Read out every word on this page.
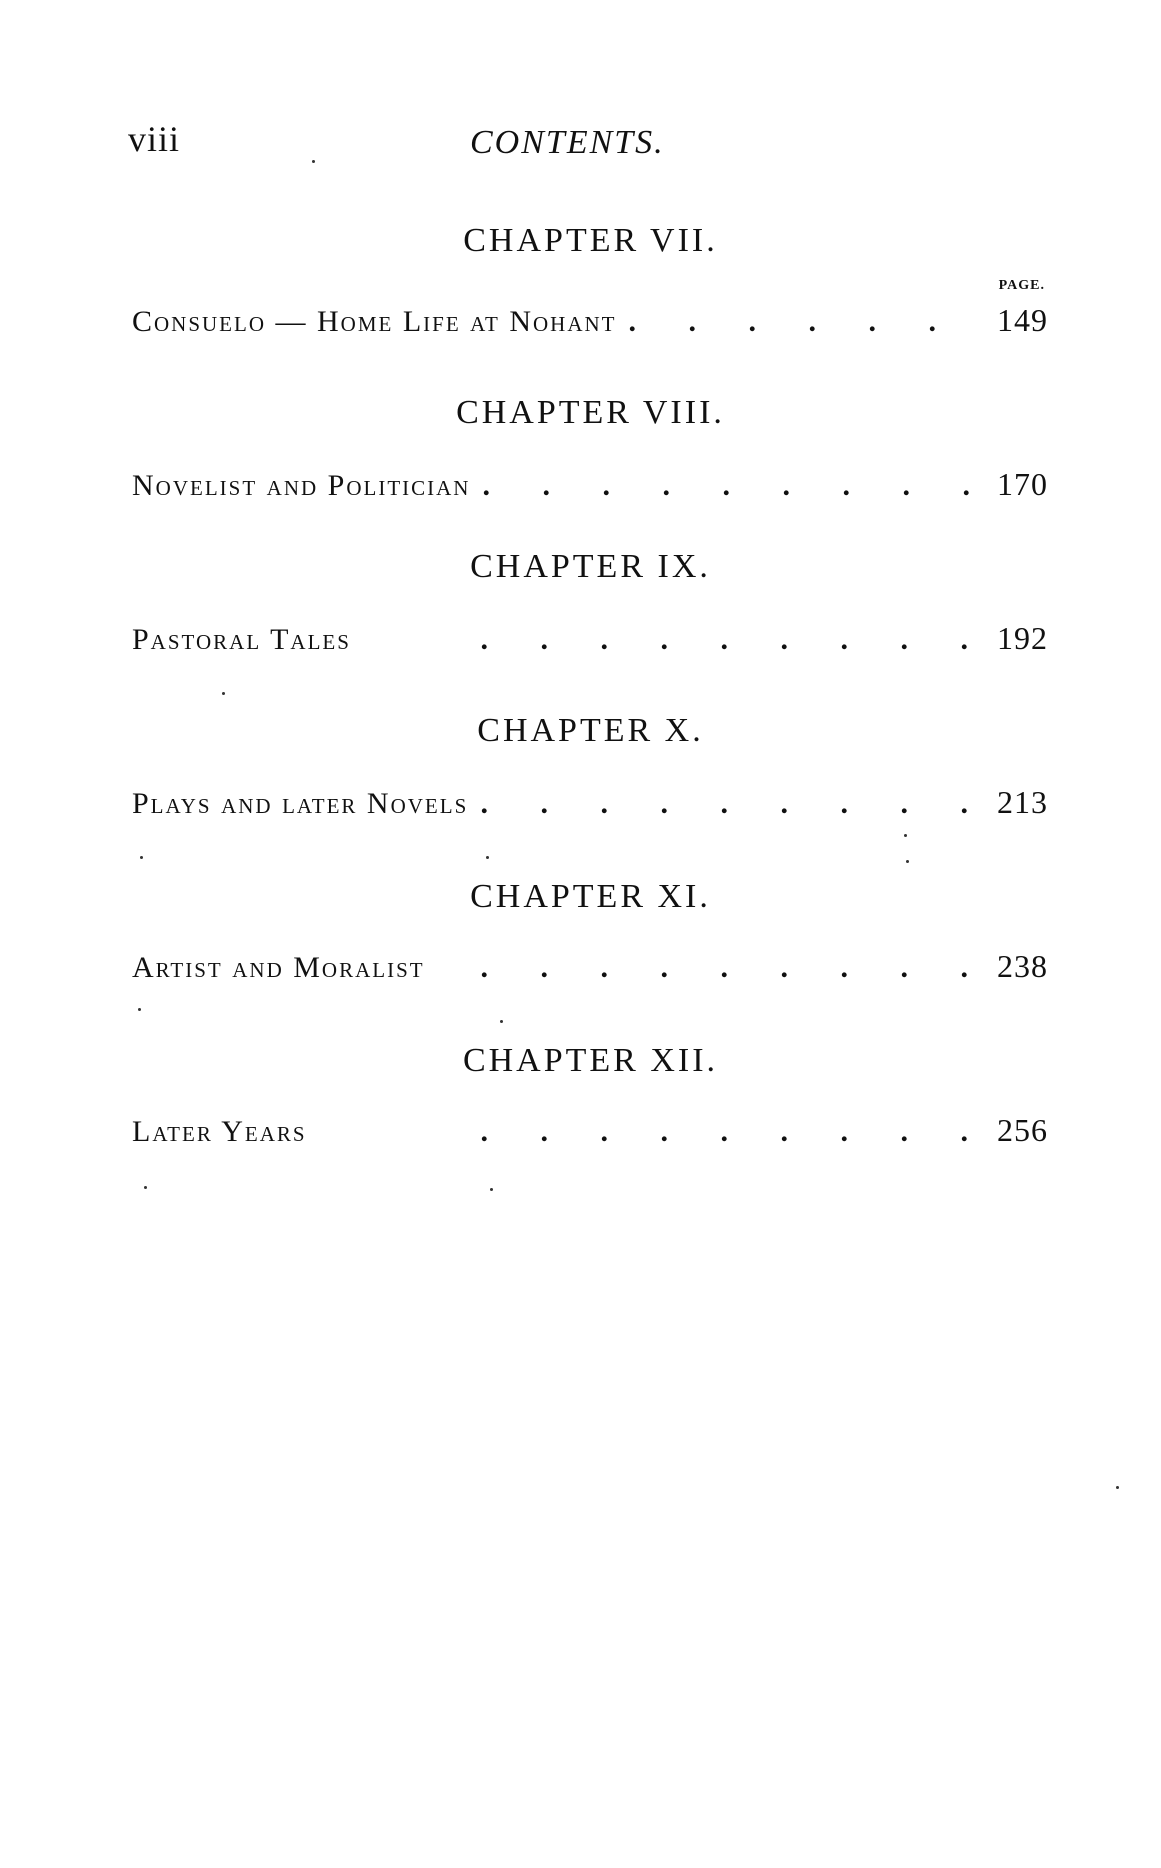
viii	CONTENTS.
CHAPTER VII.
PAGE.
Consuelo — Home Life at Nohant .	149
CHAPTER VIII.
Novelist and Politician .	170
CHAPTER IX.
Pastoral Tales .	192
CHAPTER X.
Plays and later Novels .	213
CHAPTER XI.
Artist and Moralist .	238
CHAPTER XII.
Later Years .	256
